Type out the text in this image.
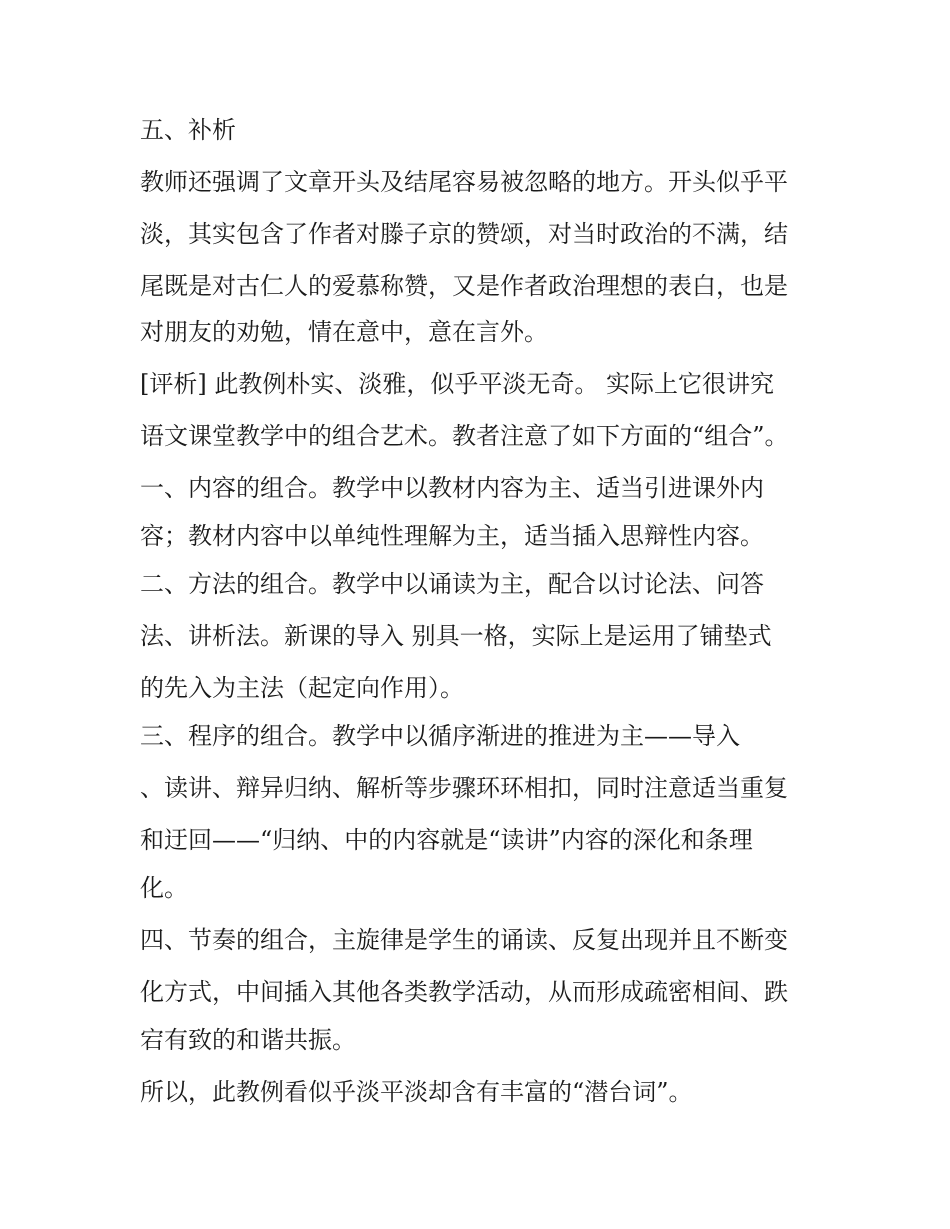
五、补析
教师还强调了文章开头及结尾容易被忽略的地方。开头似乎平
淡，其实包含了作者对滕子京的赞颂，对当时政治的不满，结
尾既是对古仁人的爱慕称赞，又是作者政治理想的表白，也是
对朋友的劝勉，情在意中，意在言外。
[评析] 此教例朴实、淡雅，似乎平淡无奇。 实际上它很讲究
语文课堂教学中的组合艺术。教者注意了如下方面的“组合”。
一、内容的组合。教学中以教材内容为主、适当引进课外内
容；教材内容中以单纯性理解为主，适当插入思辩性内容。
二、方法的组合。教学中以诵读为主，配合以讨论法、问答
法、讲析法。新课的导入 别具一格，实际上是运用了铺垫式
的先入为主法（起定向作用）。
三、程序的组合。教学中以循序渐进的推进为主——导入
、读讲、辩异归纳、解析等步骤环环相扣，同时注意适当重复
和迂回——“归纳、中的内容就是“读讲”内容的深化和条理
化。
四、节奏的组合，主旋律是学生的诵读、反复出现并且不断变
化方式，中间插入其他各类教学活动，从而形成疏密相间、跌
宕有致的和谐共振。
所以，此教例看似乎淡平淡却含有丰富的“潜台词”。
